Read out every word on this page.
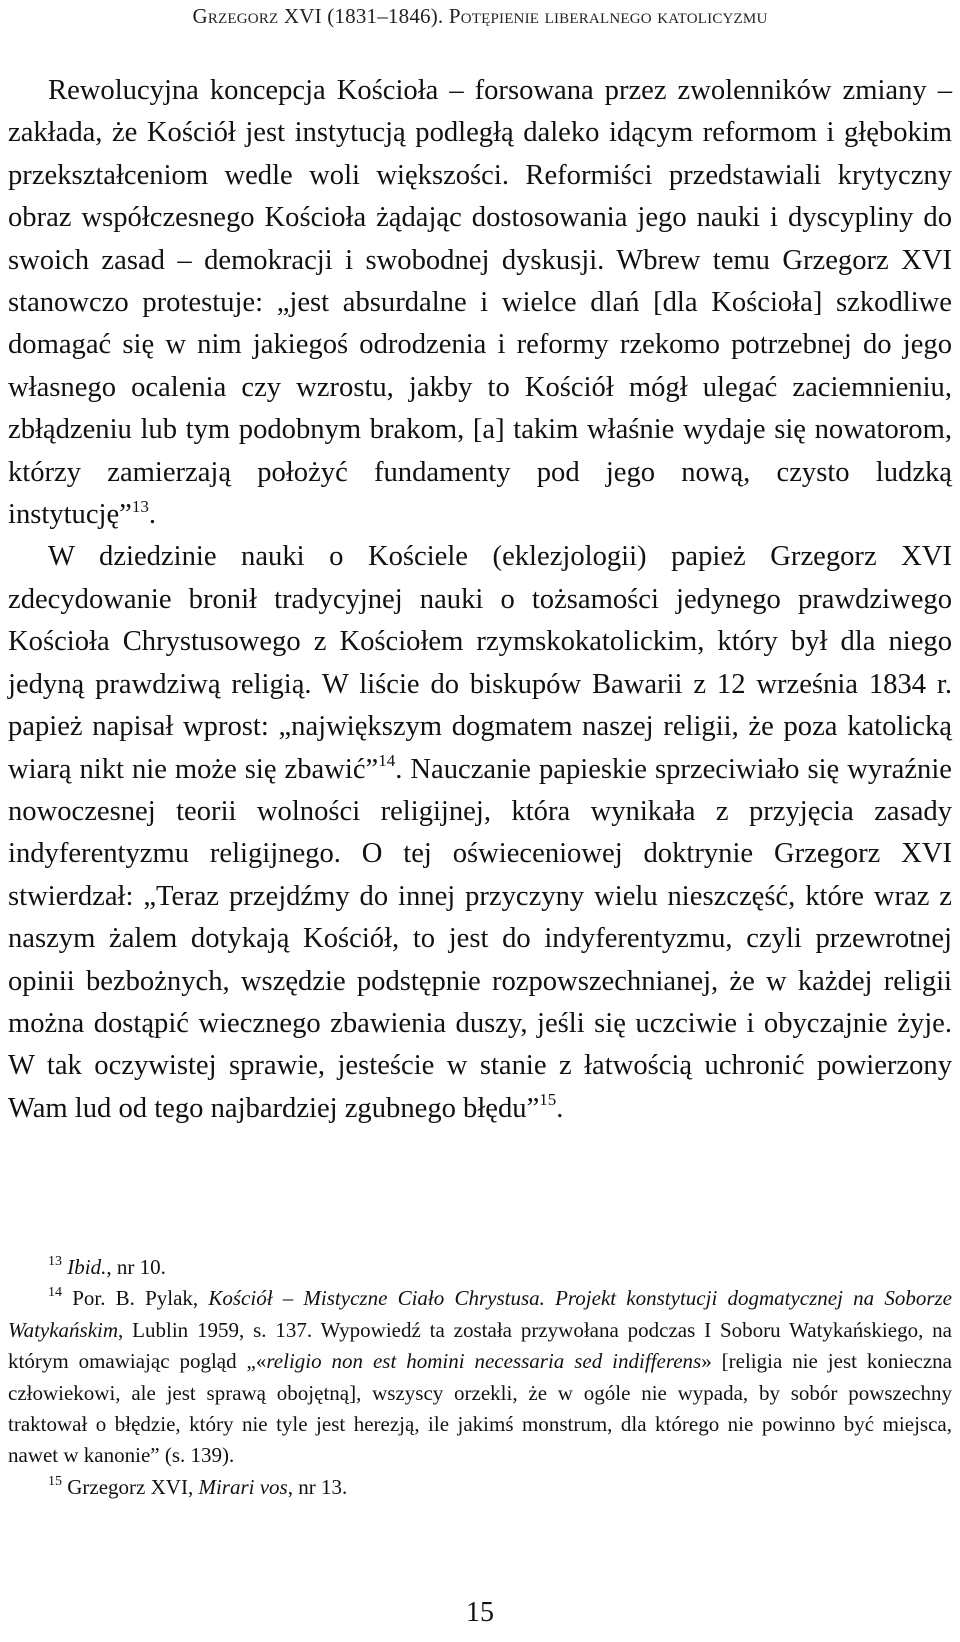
Grzegorz XVI (1831–1846). Potępienie liberalnego katolicyzmu

Rewolucyjna koncepcja Kościoła – forsowana przez zwolenników zmiany – zakłada, że Kościół jest instytucją podległą daleko idącym reformom i głębokim przekształceniom wedle woli większości. Reformiści przedstawiali krytyczny obraz współczesnego Kościoła żądając dostosowania jego nauki i dyscypliny do swoich zasad – demokracji i swobodnej dyskusji. Wbrew temu Grzegorz XVI stanowczo protestuje: „jest absurdalne i wielce dlań [dla Kościoła] szkodliwe domagać się w nim jakiegoś odrodzenia i reformy rzekomo potrzebnej do jego własnego ocalenia czy wzrostu, jakby to Kościół mógł ulegać zaciemnieniu, zbłądzeniu lub tym podobnym brakom, [a] takim właśnie wydaje się nowatorom, którzy zamierzają położyć fundamenty pod jego nową, czysto ludzką instytucję”$^{13}$.

W dziedzinie nauki o Kościele (eklezjologii) papież Grzegorz XVI zdecydowanie bronił tradycyjnej nauki o tożsamości jedynego prawdziwego Kościoła Chrystusowego z Kościołem rzymskokatolickim, który był dla niego jedyną prawdziwą religią. W liście do biskupów Bawarii z 12 września 1834 r. papież napisał wprost: „największym dogmatem naszej religii, że poza katolicką wiarą nikt nie może się zbawić”$^{14}$. Nauczanie papieskie sprzeciwiało się wyraźnie nowoczesnej teorii wolności religijnej, która wynikała z przyjęcia zasady indyferentyzmu religijnego. O tej oświeceniowej doktrynie Grzegorz XVI stwierdzał: „Teraz przejdźmy do innej przyczyny wielu nieszczęść, które wraz z naszym żalem dotykają Kościół, to jest do indyferentyzmu, czyli przewrotnej opinii bezbożnych, wszędzie podstępnie rozpowszechnianej, że w każdej religii można dostąpić wiecznego zbawienia duszy, jeśli się uczciwie i obyczajnie żyje. W tak oczywistej sprawie, jesteście w stanie z łatwością uchronić powierzony Wam lud od tego najbardziej zgubnego błędu”$^{15}$.

$^{13}$ Ibid., nr 10.

$^{14}$ Por. B. Pylak, Kościół – Mistyczne Ciało Chrystusa. Projekt konstytucji dogmatycznej na Soborze Watykańskim, Lublin 1959, s. 137. Wypowiedź ta została przywołana podczas I Soboru Watykańskiego, na którym omawiając pogląd „«religio non est homini necessaria sed indifferens» [religia nie jest konieczna człowiekowi, ale jest sprawą obojętną], wszyscy orzekli, że w ogóle nie wypada, by sobór powszechny traktował o błędzie, który nie tyle jest herezją, ile jakimś monstrum, dla którego nie powinno być miejsca, nawet w kanonie” (s. 139).

$^{15}$ Grzegorz XVI, Mirari vos, nr 13.

15
